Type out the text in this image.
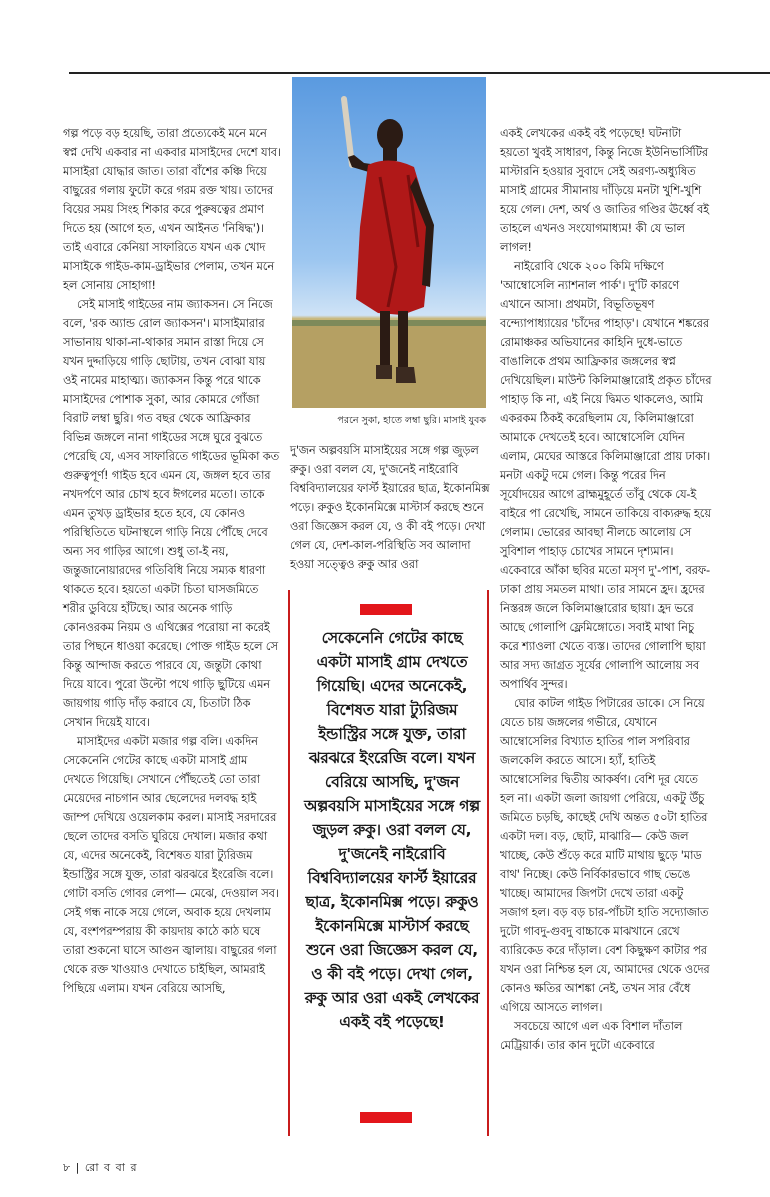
গল্প পড়ে বড় হয়েছি, তারা প্রত্যেকেই মনে মনে স্বপ্ন দেখি একবার না একবার মাসাইদের দেশে যাব। মাসাইরা যোদ্ধার জাত। তারা বাঁশের কঞ্চি দিয়ে বাছুরের গলায় ফুটো করে গরম রক্ত খায়। তাদের বিয়ের সময় সিংহ শিকার করে পুরুষত্বের প্রমাণ দিতে হয় (আগে হত, এখন আইনত 'নিষিদ্ধ')। তাই এবারে কেনিয়া সাফারিতে যখন এক খোদ মাসাইকে গাইড-কাম-ড্রাইভার পেলাম, তখন মনে হল সোনায় সোহাগা!

সেই মাসাই গাইডের নাম জ্যাকসন। সে নিজে বলে, 'রক অ্যান্ড রোল জ্যাকসন'। মাসাইমারার সাভানায় থাকা-না-থাকার সমান রাস্তা দিয়ে সে যখন দুদ্দাড়িয়ে গাড়ি ছোটায়, তখন বোঝা যায় ওই নামের মাহাত্ম্য। জ্যাকসন কিন্তু পরে থাকে মাসাইদের পোশাক সুকা, আর কোমরে গোঁজা বিরাট লম্বা ছুরি। গত বছর থেকে আফ্রিকার বিভিন্ন জঙ্গলে নানা গাইডের সঙ্গে ঘুরে বুঝতে পেরেছি যে, এসব সাফারিতে গাইডের ভূমিকা কত গুরুত্বপূর্ণ! গাইড হবে এমন যে, জঙ্গল হবে তার নখদর্পণে আর চোখ হবে ঈগলের মতো। তাকে এমন তুখড় ড্রাইভার হতে হবে, যে কোনও পরিস্থিতিতে ঘটনাস্থলে গাড়ি নিয়ে পৌঁছে দেবে অন্য সব গাড়ির আগে। শুধু তা-ই নয়, জন্তুজানোয়ারদের গতিবিধি নিয়ে সম্যক ধারণা থাকতে হবে। হয়তো একটা চিতা ঘাসজমিতে শরীর ডুবিয়ে হাঁটছে। আর অনেক গাড়ি কোনওরকম নিয়ম ও এথিক্সের পরোয়া না করেই তার পিছনে ধাওয়া করেছে। পোক্ত গাইড হলে সে কিন্তু আন্দাজ করতে পারবে যে, জন্তুটা কোথা দিয়ে যাবে। পুরো উল্টো পথে গাড়ি ছুটিয়ে এমন জায়গায় গাড়ি দাঁড় করাবে যে, চিতাটা ঠিক সেখান দিয়েই যাবে।

মাসাইদের একটা মজার গল্প বলি। একদিন সেকেনেনি গেটের কাছে একটা মাসাই গ্রাম দেখতে গিয়েছি। সেখানে পৌঁছতেই তো তারা মেয়েদের নাচগান আর ছেলেদের দলবদ্ধ হাই জাম্প দেখিয়ে ওয়েলকাম করল। মাসাই সরদারের ছেলে তাদের বসতি ঘুরিয়ে দেখাল। মজার কথা যে, এদের অনেকেই, বিশেষত যারা ট্যুরিজম ইন্ডাস্ট্রির সঙ্গে যুক্ত, তারা ঝরঝরে ইংরেজি বলে। গোটা বসতি গোবর লেপা— মেঝে, দেওয়াল সব। সেই গন্ধ নাকে সয়ে গেলে, অবাক হয়ে দেখলাম যে, বংশপরম্পরায় কী কায়দায় কাঠে কাঠ ঘষে তারা শুকনো ঘাসে আগুন জ্বালায়। বাছুরের গলা থেকে রক্ত খাওয়াও দেখাতে চাইছিল, আমরাই পিছিয়ে এলাম। যখন বেরিয়ে আসছি,

পরনে সুকা, হাতে লম্বা ছুরি। মাসাই যুবক

দু'জন অল্পবয়সি মাসাইয়ের সঙ্গে গল্প জুড়ল রুকু। ওরা বলল যে, দু'জনেই নাইরোবি বিশ্ববিদ্যালয়ের ফার্স্ট ইয়ারের ছাত্র, ইকোনমিক্স পড়ে। রুকুও ইকোনমিক্সে মাস্টার্স করছে শুনে ওরা জিজ্ঞেস করল যে, ও কী বই পড়ে। দেখা গেল যে, দেশ-কাল-পরিস্থিতি সব আলাদা হওয়া সত্ত্বেও রুকু আর ওরা

সেকেনেনি গেটের কাছে একটা মাসাই গ্রাম দেখতে গিয়েছি। এদের অনেকেই, বিশেষত যারা ট্যুরিজম ইন্ডাস্ট্রির সঙ্গে যুক্ত, তারা ঝরঝরে ইংরেজি বলে। যখন বেরিয়ে আসছি, দু'জন অল্পবয়সি মাসাইয়ের সঙ্গে গল্প জুড়ল রুকু। ওরা বলল যে, দু'জনেই নাইরোবি বিশ্ববিদ্যালয়ের ফার্স্ট ইয়ারের ছাত্র, ইকোনমিক্স পড়ে। রুকুও ইকোনমিক্সে মাস্টার্স করছে শুনে ওরা জিজ্ঞেস করল যে, ও কী বই পড়ে। দেখা গেল, রুকু আর ওরা একই লেখকের একই বই পড়েছে!

একই লেখকের একই বই পড়েছে! ঘটনাটা হয়তো খুবই সাধারণ, কিন্তু নিজে ইউনিভার্সিটির মাস্টারনি হওয়ার সুবাদে সেই অরণ্য-অধ্যুষিত মাসাই গ্রামের সীমানায় দাঁড়িয়ে মনটা খুশি-খুশি হয়ে গেল। দেশ, অর্থ ও জাতির গণ্ডির ঊর্ধ্বে বই তাহলে এখনও সংযোগমাধ্যম! কী যে ভাল লাগল!

নাইরোবি থেকে ২০০ কিমি দক্ষিণে 'আম্বোসেলি ন্যাশনাল পার্ক'। দু'টি কারণে এখানে আসা। প্রথমটা, বিভূতিভূষণ বন্দ্যোপাধ্যায়ের 'চাঁদের পাহাড়'। যেখানে শঙ্করের রোমাঞ্চকর অভিযানের কাহিনি দুধে-ভাতে বাঙালিকে প্রথম আফ্রিকার জঙ্গলের স্বপ্ন দেখিয়েছিল। মাউন্ট কিলিমাঞ্জারোই প্রকৃত চাঁদের পাহাড় কি না, এই নিয়ে দ্বিমত থাকলেও, আমি একরকম ঠিকই করেছিলাম যে, কিলিমাঞ্জারো আমাকে দেখতেই হবে। আম্বোসেলি যেদিন এলাম, মেঘের আস্তরে কিলিমাঞ্জারো প্রায় ঢাকা। মনটা একটু দমে গেল। কিন্তু পরের দিন সূর্যোদয়ের আগে ব্রাহ্মমুহূর্তে তাঁবু থেকে যে-ই বাইরে পা রেখেছি, সামনে তাকিয়ে বাক্যরুদ্ধ হয়ে গেলাম। ভোরের আবছা নীলচে আলোয় সে সুবিশাল পাহাড় চোখের সামনে দৃশ্যমান। একেবারে আঁকা ছবির মতো মসৃণ দু'-পাশ, বরফ-ঢাকা প্রায় সমতল মাথা। তার সামনে হ্রদ। হ্রদের নিস্তরঙ্গ জলে কিলিমাঞ্জারোর ছায়া। হ্রদ ভরে আছে গোলাপি ফ্লেমিঙ্গোতে। সবাই মাথা নিচু করে শ্যাওলা খেতে ব্যস্ত। তাদের গোলাপি ছায়া আর সদ্য জাগ্রত সূর্যের গোলাপি আলোয় সব অপার্থিব সুন্দর।

ঘোর কাটল গাইড পিটারের ডাকে। সে নিয়ে যেতে চায় জঙ্গলের গভীরে, যেখানে আম্বোসেলির বিখ্যাত হাতির পাল সপরিবার জলকেলি করতে আসে। হ্যাঁ, হাতিই আম্বোসেলির দ্বিতীয় আকর্ষণ। বেশি দূর যেতে হল না। একটা জলা জায়গা পেরিয়ে, একটু উঁচু জমিতে চড়ছি, কাছেই দেখি অন্তত ৫০টা হাতির একটা দল। বড়, ছোট, মাঝারি— কেউ জল খাচ্ছে, কেউ শুঁড়ে করে মাটি মাথায় ছুড়ে 'মাড বাথ' নিচ্ছে। কেউ নির্বিকারভাবে গাছ ভেঙে খাচ্ছে। আমাদের জিপটা দেখে তারা একটু সজাগ হল। বড় বড় চার-পাঁচটা হাতি সদ্যোজাত দুটো গাবদু-গুবদু বাচ্চাকে মাঝখানে রেখে ব্যারিকেড করে দাঁড়াল। বেশ কিছুক্ষণ কাটার পর যখন ওরা নিশ্চিন্ত হল যে, আমাদের থেকে ওদের কোনও ক্ষতির আশঙ্কা নেই, তখন সার বেঁধে এগিয়ে আসতে লাগল।

সবচেয়ে আগে এল এক বিশাল দাঁতাল মেট্রিয়ার্ক। তার কান দুটো একেবারে

৮ | রো ব বা র
